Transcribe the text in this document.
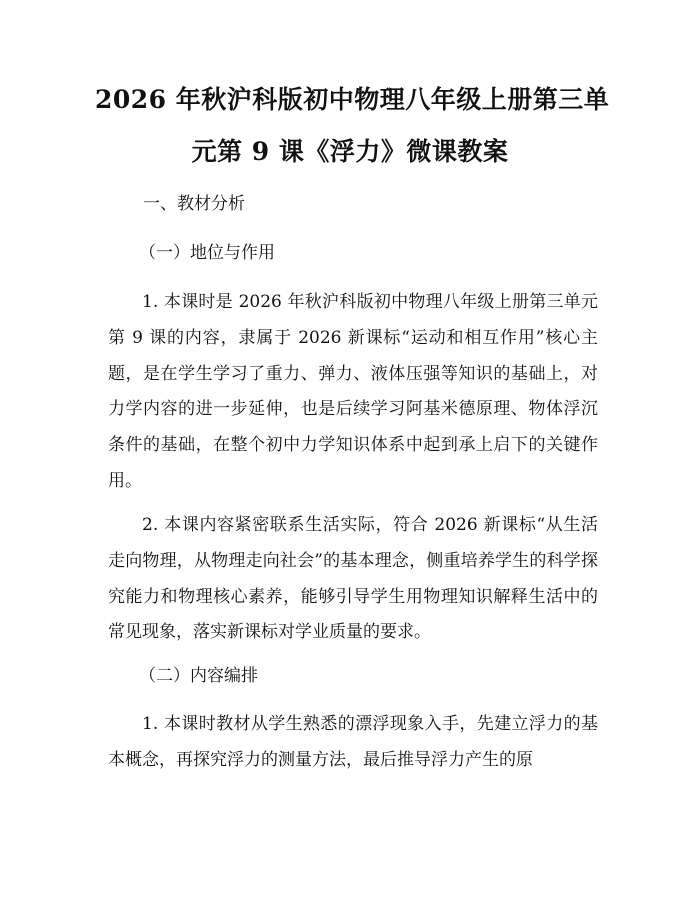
2026 年秋沪科版初中物理八年级上册第三单
元第 9 课《浮力》微课教案
一、教材分析
（一）地位与作用

1. 本课时是 2026 年秋沪科版初中物理八年级上册第三单元第 9 课的内容，隶属于 2026 新课标“运动和相互作用”核心主题，是在学生学习了重力、弹力、液体压强等知识的基础上，对力学内容的进一步延伸，也是后续学习阿基米德原理、物体浮沉条件的基础，在整个初中力学知识体系中起到承上启下的关键作用。

2. 本课内容紧密联系生活实际，符合 2026 新课标“从生活走向物理，从物理走向社会”的基本理念，侧重培养学生的科学探究能力和物理核心素养，能够引导学生用物理知识解释生活中的常见现象，落实新课标对学业质量的要求。

（二）内容编排

1. 本课时教材从学生熟悉的漂浮现象入手，先建立浮力的基本概念，再探究浮力的测量方法，最后推导浮力产生的原
